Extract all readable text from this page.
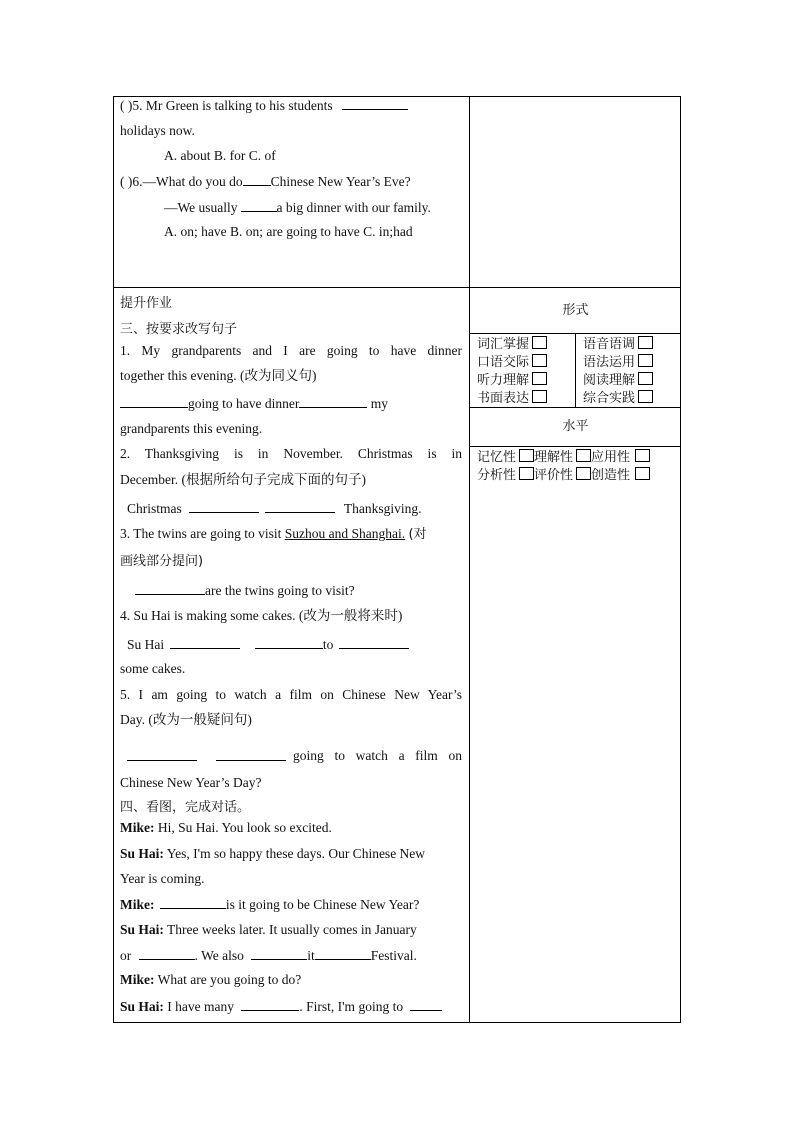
( )5. Mr Green is talking to his students
holidays now.
A. about B. for C. of
( )6.—What do you do Chinese New Year’s Eve?
—We usually	a big dinner with our family.
A. on; have B. on; are going to have C. in;had
提升作业
三、按要求改写句子
1. My grandparents and I are going to have dinner
together this evening. (改为同义句)
going to have dinner	my
grandparents this evening.
2. Thanksgiving is in November. Christmas is in
December. (根据所给句子完成下面的句子)
Christmas	Thanksgiving.
3. The twins are going to visit Suzhou and Shanghai. (对
画线部分提问)
are the twins going to visit?
4. Su Hai is making some cakes. (改为一般将来时)
Su Hai	to
some cakes.
5. I am going to watch a film on Chinese New Year’s
Day. (改为一般疑问句)

going to watch a film on
Chinese New Year’s Day?
四、看图，完成对话。
Mike: Hi, Su Hai. You look so excited.
Su Hai: Yes, I'm so happy these days. Our Chinese New
Year is coming.
Mike:	is it going to be Chinese New Year?
Su Hai: Three weeks later. It usually comes in January
or	. We also	it	Festival.
Mike: What are you going to do?
Su Hai: I have many	. First, I'm going to
形式
词汇掌握	语音语调
口语交际	语法运用
听力理解	阅读理解
书面表达	综合实践
水平
记忆性 理解性 应用性
分析性 评价性 创造性
